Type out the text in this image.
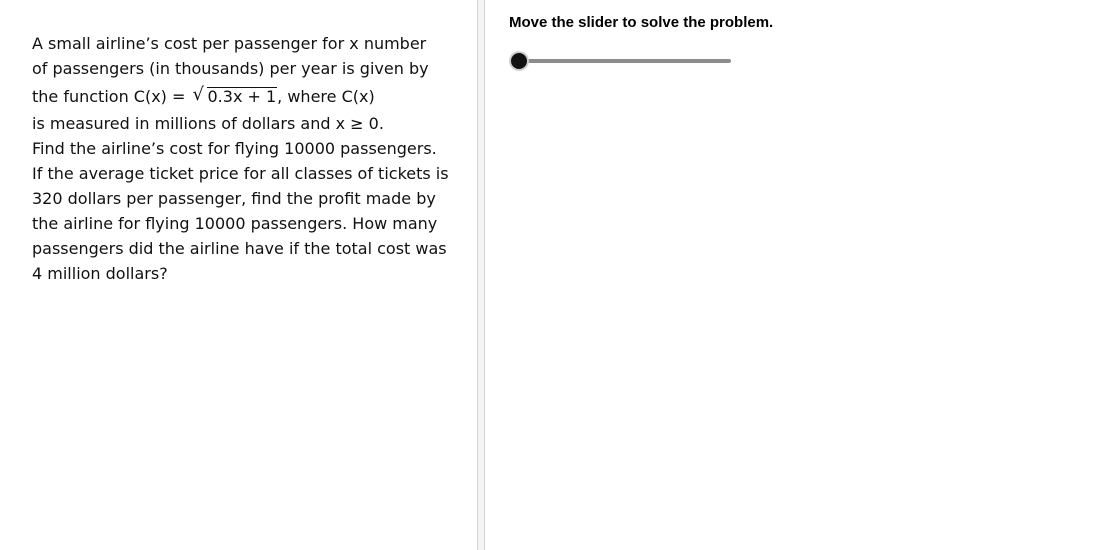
A small airline’s cost per passenger for x number
of passengers (in thousands) per year is given by
the function C(x) = √ 0.3x + 1, where C(x)
is measured in millions of dollars and x ≥ 0.
Find the airline’s cost for flying 10000 passengers.
If the average ticket price for all classes of tickets is
320 dollars per passenger, find the profit made by
the airline for flying 10000 passengers. How many
passengers did the airline have if the total cost was
4 million dollars?
Move the slider to solve the problem.
